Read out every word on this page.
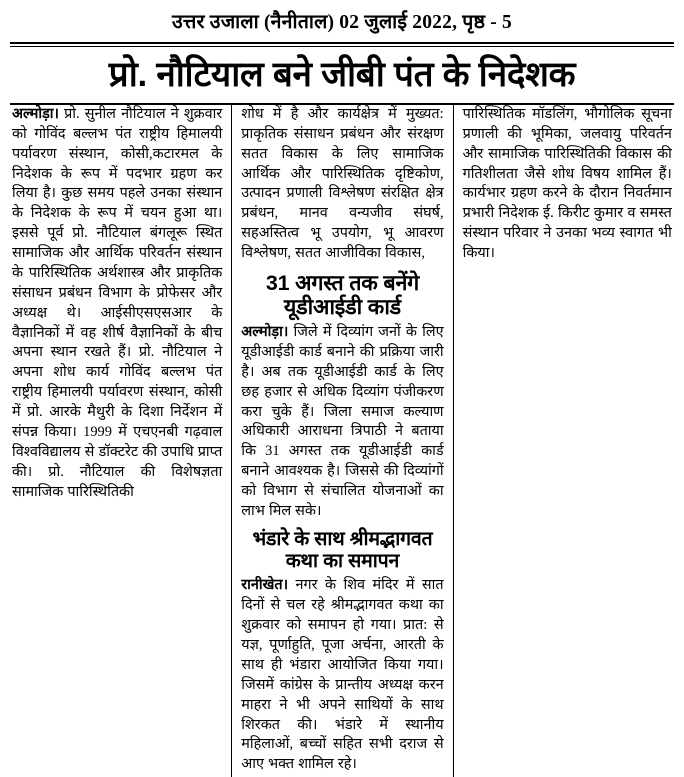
उत्तर उजाला (नैनीताल) 02 जुलाई 2022, पृष्ठ - 5
प्रो. नौटियाल बने जीबी पंत के निदेशक

अल्मोड़ा। प्रो. सुनील नौटियाल ने शुक्रवार को गोविंद बल्लभ पंत राष्ट्रीय हिमालयी पर्यावरण संस्थान, कोसी,कटारमल के निदेशक के रूप में पदभार ग्रहण कर लिया है। कुछ समय पहले उनका संस्थान के निदेशक के रूप में चयन हुआ था। इससे पूर्व प्रो. नौटियाल बंगलूरू स्थित सामाजिक और आर्थिक परिवर्तन संस्थान के पारिस्थितिक अर्थशास्त्र और प्राकृतिक संसाधन प्रबंधन विभाग के प्रोफेसर और अध्यक्ष थे। आईसीएसएसआर के वैज्ञानिकों में वह शीर्ष वैज्ञानिकों के बीच अपना स्थान रखते हैं। प्रो. नौटियाल ने अपना शोध कार्य गोविंद बल्लभ पंत राष्ट्रीय हिमालयी पर्यावरण संस्थान, कोसी में प्रो. आरके मैथुरी के दिशा निर्देशन में संपन्न किया। 1999 में एचएनबी गढ़वाल विश्वविद्यालय से डॉक्टरेट की उपाधि प्राप्त की। प्रो. नौटियाल की विशेषज्ञता सामाजिक पारिस्थितिकी

शोध में है और कार्यक्षेत्र में मुख्यत: प्राकृतिक संसाधन प्रबंधन और संरक्षण सतत विकास के लिए सामाजिक आर्थिक और पारिस्थितिक दृष्टिकोण, उत्पादन प्रणाली विश्लेषण संरक्षित क्षेत्र प्रबंधन, मानव वन्यजीव संघर्ष, सहअस्तित्व भू उपयोग, भू आवरण विश्लेषण, सतत आजीविका विकास,

31 अगस्त तक बनेंगे यूडीआईडी कार्ड

अल्मोड़ा। जिले में दिव्यांग जनों के लिए यूडीआईडी कार्ड बनाने की प्रक्रिया जारी है। अब तक यूडीआईडी कार्ड के लिए छह हजार से अधिक दिव्यांग पंजीकरण करा चुके हैं। जिला समाज कल्याण अधिकारी आराधना त्रिपाठी ने बताया कि 31 अगस्त तक यूडीआईडी कार्ड बनाने आवश्यक है। जिससे की दिव्यांगों को विभाग से संचालित योजनाओं का लाभ मिल सके।

भंडारे के साथ श्रीमद्भागवत कथा का समापन

रानीखेत। नगर के शिव मंदिर में सात दिनों से चल रहे श्रीमद्भागवत कथा का शुक्रवार को समापन हो गया। प्रात: से यज्ञ, पूर्णाहुति, पूजा अर्चना, आरती के साथ ही भंडारा आयोजित किया गया। जिसमें कांग्रेस के प्रान्तीय अध्यक्ष करन माहरा ने भी अपने साथियों के साथ शिरकत की। भंडारे में स्थानीय महिलाओं, बच्चों सहित सभी दराज से आए भक्त शामिल रहे।

पारिस्थितिक मॉडलिंग, भौगोलिक सूचना प्रणाली की भूमिका, जलवायु परिवर्तन और सामाजिक पारिस्थितिकी विकास की गतिशीलता जैसे शोध विषय शामिल हैं। कार्यभार ग्रहण करने के दौरान निवर्तमान प्रभारी निदेशक ई. किरीट कुमार व समस्त संस्थान परिवार ने उनका भव्य स्वागत भी किया।
